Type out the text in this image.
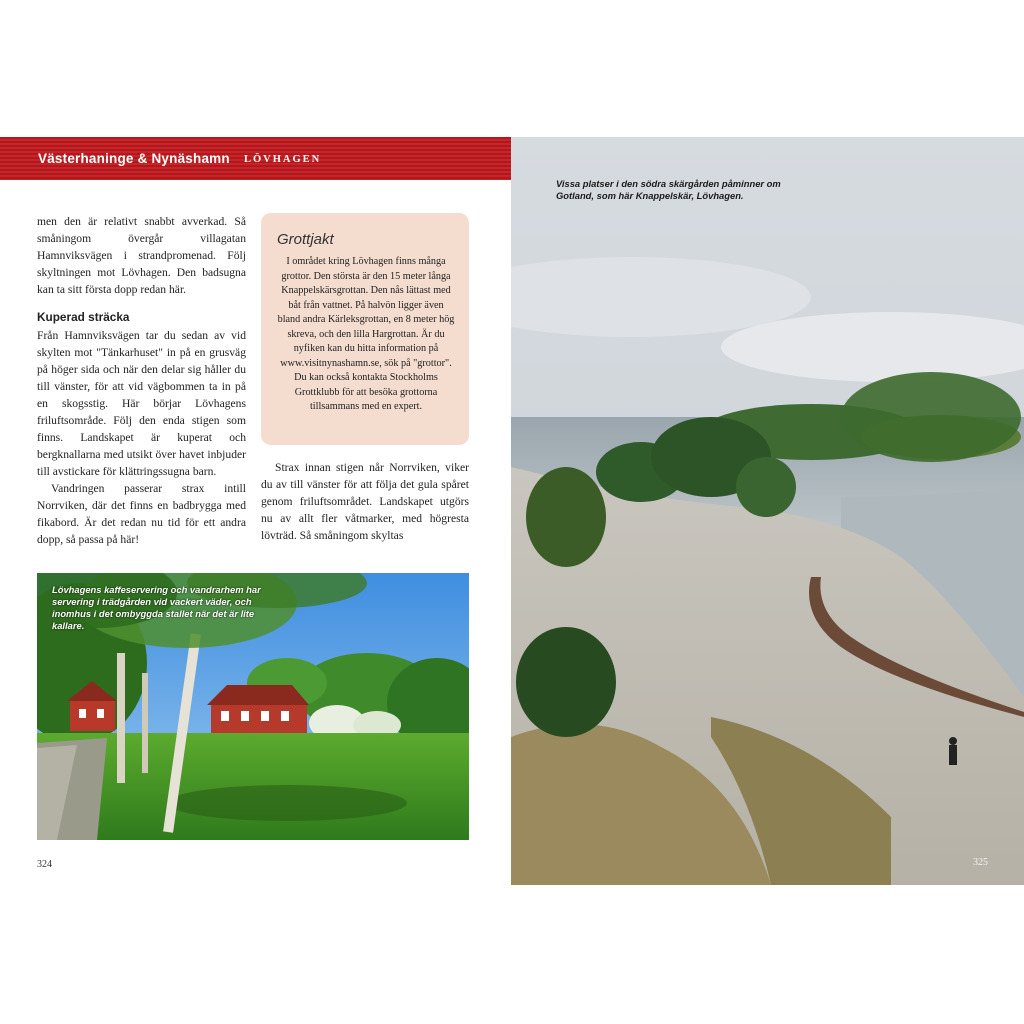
Västerhaninge & Nynäshamn LÖVHAGEN

men den är relativt snabbt avverkad. Så småningom övergår villagatan Hamnviksvägen i strandpromenad. Följ skyltningen mot Lövhagen. Den badsugna kan ta sitt första dopp redan här.

Kuperad sträcka

Från Hamnviksvägen tar du sedan av vid skylten mot "Tänkarhuset" in på en grusväg på höger sida och när den delar sig håller du till vänster, för att vid vägbommen ta in på en skogsstig. Här börjar Lövhagens friluftsområde. Följ den enda stigen som finns. Landskapet är kuperat och bergknallarna med utsikt över havet inbjuder till avstickare för klättringssugna barn.

Vandringen passerar strax intill Norrviken, där det finns en badbrygga med fikabord. Är det redan nu tid för ett andra dopp, så passa på här!

Grottjakt

I området kring Lövhagen finns många grottor. Den största är den 15 meter långa Knappelskärsgrottan. Den nås lättast med båt från vattnet. På halvön ligger även bland andra Kärleksgrottan, en 8 meter hög skreva, och den lilla Hargrottan. Är du nyfiken kan du hitta information på www.visitnynashamn.se, sök på "grottor". Du kan också kontakta Stockholms Grottklubb för att besöka grottorna tillsammans med en expert.

Strax innan stigen når Norrviken, viker du av till vänster för att följa det gula spåret genom friluftsområdet. Landskapet utgörs nu av allt fler våtmarker, med högresta lövträd. Så småningom skyltas

Lövhagens kaffeservering och vandrarhem har servering i trädgården vid vackert väder, och inomhus i det ombyggda stallet när det är lite kallare.
324
Vissa platser i den södra skärgården påminner om Gotland, som här Knappelskär, Lövhagen.
325
